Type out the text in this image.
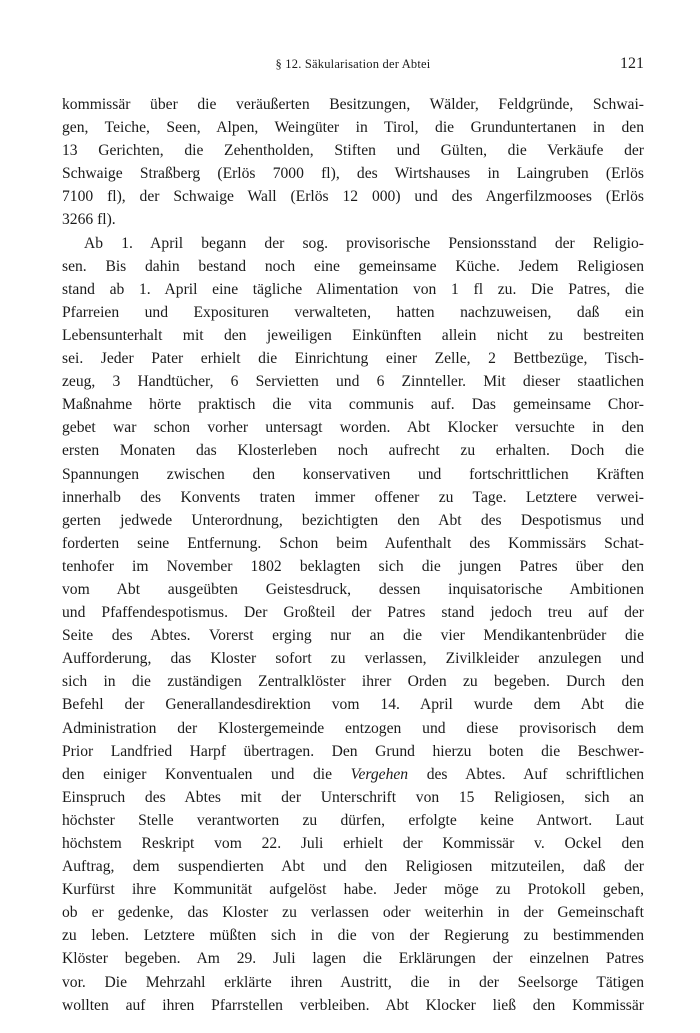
§ 12. Säkularisation der Abtei	121
kommissär über die veräußerten Besitzungen, Wälder, Feldgründe, Schwai-
gen, Teiche, Seen, Alpen, Weingüter in Tirol, die Grunduntertanen in den
13 Gerichten, die Zehentholden, Stiften und Gülten, die Verkäufe der
Schwaige Straßberg (Erlös 7000 fl), des Wirtshauses in Laingruben (Erlös
7100 fl), der Schwaige Wall (Erlös 12 000) und des Angerfilzmooses (Erlös
3266 fl).
Ab 1. April begann der sog. provisorische Pensionsstand der Religio-
sen. Bis dahin bestand noch eine gemeinsame Küche. Jedem Religiosen
stand ab 1. April eine tägliche Alimentation von 1 fl zu. Die Patres, die
Pfarreien und Exposituren verwalteten, hatten nachzuweisen, daß ein
Lebensunterhalt mit den jeweiligen Einkünften allein nicht zu bestreiten
sei. Jeder Pater erhielt die Einrichtung einer Zelle, 2 Bettbezüge, Tisch-
zeug, 3 Handtücher, 6 Servietten und 6 Zinnteller. Mit dieser staatlichen
Maßnahme hörte praktisch die vita communis auf. Das gemeinsame Chor-
gebet war schon vorher untersagt worden. Abt Klocker versuchte in den
ersten Monaten das Klosterleben noch aufrecht zu erhalten. Doch die
Spannungen zwischen den konservativen und fortschrittlichen Kräften
innerhalb des Konvents traten immer offener zu Tage. Letztere verwei-
gerten jedwede Unterordnung, bezichtigten den Abt des Despotismus und
forderten seine Entfernung. Schon beim Aufenthalt des Kommissärs Schat-
tenhofer im November 1802 beklagten sich die jungen Patres über den
vom Abt ausgeübten Geistesdruck, dessen inquisatorische Ambitionen
und Pfaffendespotismus. Der Großteil der Patres stand jedoch treu auf der
Seite des Abtes. Vorerst erging nur an die vier Mendikantenbrüder die
Aufforderung, das Kloster sofort zu verlassen, Zivilkleider anzulegen und
sich in die zuständigen Zentralklöster ihrer Orden zu begeben. Durch den
Befehl der Generallandesdirektion vom 14. April wurde dem Abt die
Administration der Klostergemeinde entzogen und diese provisorisch dem
Prior Landfried Harpf übertragen. Den Grund hierzu boten die Beschwer-
den einiger Konventualen und die Vergehen des Abtes. Auf schriftlichen
Einspruch des Abtes mit der Unterschrift von 15 Religiosen, sich an
höchster Stelle verantworten zu dürfen, erfolgte keine Antwort. Laut
höchstem Reskript vom 22. Juli erhielt der Kommissär v. Ockel den
Auftrag, dem suspendierten Abt und den Religiosen mitzuteilen, daß der
Kurfürst ihre Kommunität aufgelöst habe. Jeder möge zu Protokoll geben,
ob er gedenke, das Kloster zu verlassen oder weiterhin in der Gemeinschaft
zu leben. Letztere müßten sich in die von der Regierung zu bestimmenden
Klöster begeben. Am 29. Juli lagen die Erklärungen der einzelnen Patres
vor. Die Mehrzahl erklärte ihren Austritt, die in der Seelsorge Tätigen
wollten auf ihren Pfarrstellen verbleiben. Abt Klocker ließ den Kommissär
